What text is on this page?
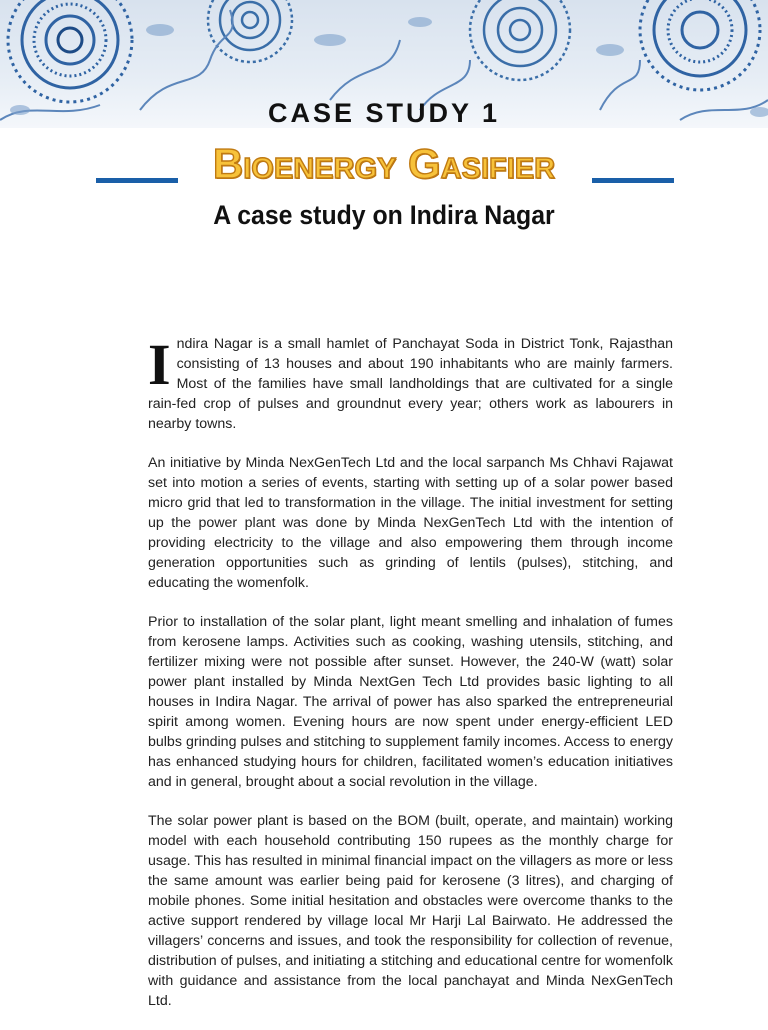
CASE STUDY 1
Bioenergy Gasifier
A case study on Indira Nagar

Indira Nagar is a small hamlet of Panchayat Soda in District Tonk, Rajasthan consisting of 13 houses and about 190 inhabitants who are mainly farmers. Most of the families have small landholdings that are cultivated for a single rain-fed crop of pulses and groundnut every year; others work as labourers in nearby towns.

An initiative by Minda NexGenTech Ltd and the local sarpanch Ms Chhavi Rajawat set into motion a series of events, starting with setting up of a solar power based micro grid that led to transformation in the village. The initial investment for setting up the power plant was done by Minda NexGenTech Ltd with the intention of providing electricity to the village and also empowering them through income generation opportunities such as grinding of lentils (pulses), stitching, and educating the womenfolk.

Prior to installation of the solar plant, light meant smelling and inhalation of fumes from kerosene lamps. Activities such as cooking, washing utensils, stitching, and fertilizer mixing were not possible after sunset. However, the 240-W (watt) solar power plant installed by Minda NextGen Tech Ltd provides basic lighting to all houses in Indira Nagar. The arrival of power has also sparked the entrepreneurial spirit among women. Evening hours are now spent under energy-efficient LED bulbs grinding pulses and stitching to supplement family incomes. Access to energy has enhanced studying hours for children, facilitated women’s education initiatives and in general, brought about a social revolution in the village.

The solar power plant is based on the BOM (built, operate, and maintain) working model with each household contributing 150 rupees as the monthly charge for usage. This has resulted in minimal financial impact on the villagers as more or less the same amount was earlier being paid for kerosene (3 litres), and charging of mobile phones. Some initial hesitation and obstacles were overcome thanks to the active support rendered by village local Mr Harji Lal Bairwato. He addressed the villagers’ concerns and issues, and took the responsibility for collection of revenue, distribution of pulses, and initiating a stitching and educational centre for womenfolk with guidance and assistance from the local panchayat and Minda NexGenTech Ltd.
